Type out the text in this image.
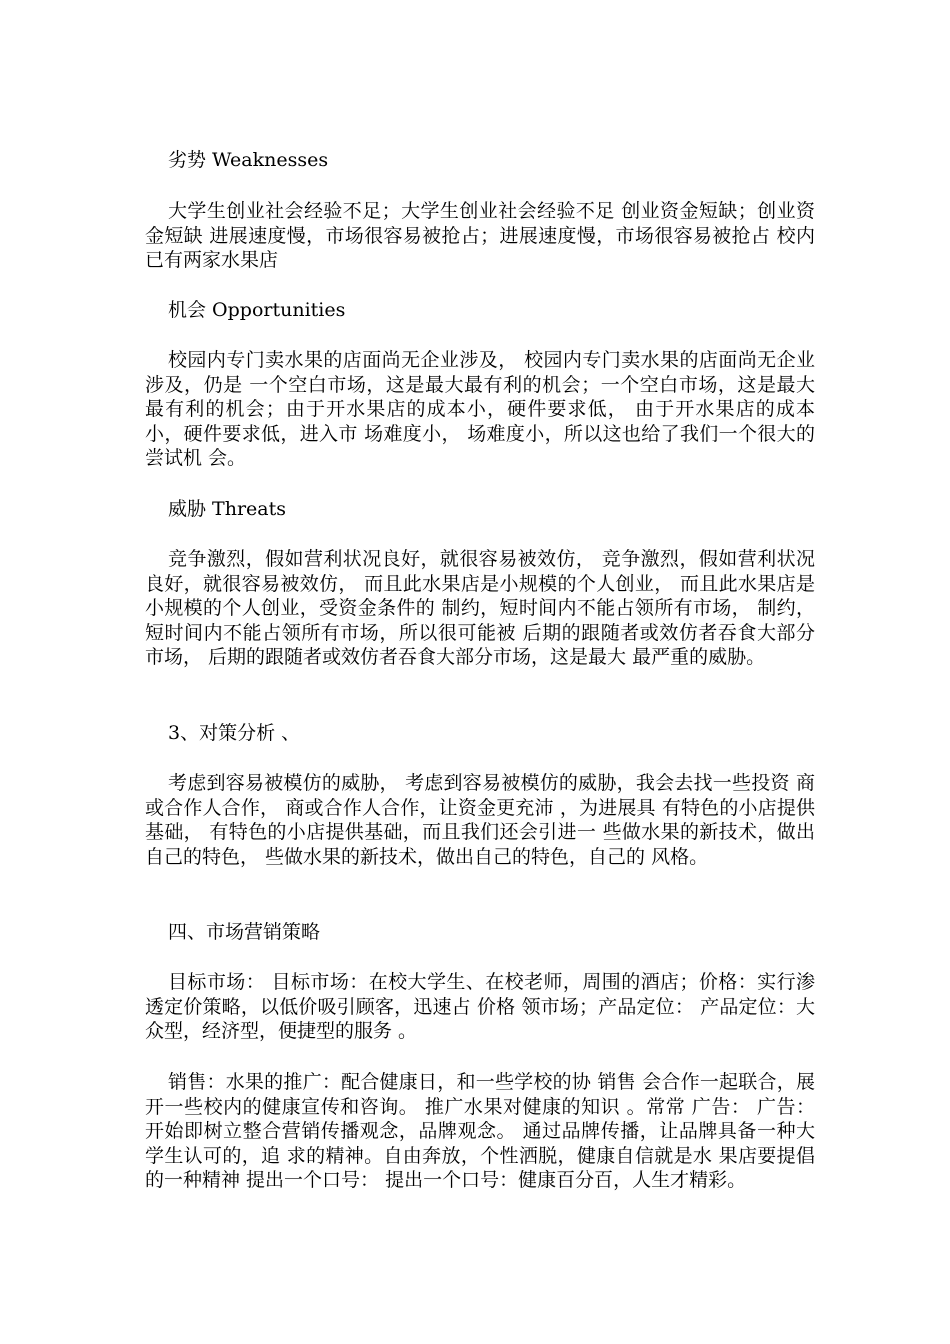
劣势 Weaknesses
大学生创业社会经验不足；大学生创业社会经验不足 创业资金短缺；创业资金短缺 进展速度慢，市场很容易被抢占；进展速度慢，市场很容易被抢占 校内已有两家水果店
机会 Opportunities
校园内专门卖水果的店面尚无企业涉及， 校园内专门卖水果的店面尚无企业涉及，仍是 一个空白市场，这是最大最有利的机会；一个空白市场，这是最大最有利的机会；由于开水果店的成本小，硬件要求低， 由于开水果店的成本小，硬件要求低，进入市 场难度小， 场难度小，所以这也给了我们一个很大的尝试机 会。
威胁 Threats
竞争激烈，假如营利状况良好，就很容易被效仿， 竞争激烈，假如营利状况良好，就很容易被效仿， 而且此水果店是小规模的个人创业， 而且此水果店是小规模的个人创业，受资金条件的 制约，短时间内不能占领所有市场， 制约，短时间内不能占领所有市场，所以很可能被 后期的跟随者或效仿者吞食大部分市场， 后期的跟随者或效仿者吞食大部分市场，这是最大 最严重的威胁。
3、对策分析 、
考虑到容易被模仿的威胁， 考虑到容易被模仿的威胁，我会去找一些投资 商或合作人合作， 商或合作人合作，让资金更充沛 ，为进展具 有特色的小店提供基础， 有特色的小店提供基础，而且我们还会引进一 些做水果的新技术，做出自己的特色， 些做水果的新技术，做出自己的特色，自己的 风格。
四、市场营销策略
目标市场： 目标市场：在校大学生、在校老师，周围的酒店；价格：实行渗透定价策略，以低价吸引顾客，迅速占 价格 领市场；产品定位： 产品定位：大众型，经济型，便捷型的服务 。
销售：水果的推广：配合健康日，和一些学校的协 销售 会合作一起联合，展开一些校内的健康宣传和咨询。 推广水果对健康的知识 。常常 广告： 广告：开始即树立整合营销传播观念，品牌观念。 通过品牌传播，让品牌具备一种大学生认可的，追 求的精神。自由奔放，个性洒脱，健康自信就是水 果店要提倡的一种精神 提出一个口号： 提出一个口号：健康百分百，人生才精彩。
